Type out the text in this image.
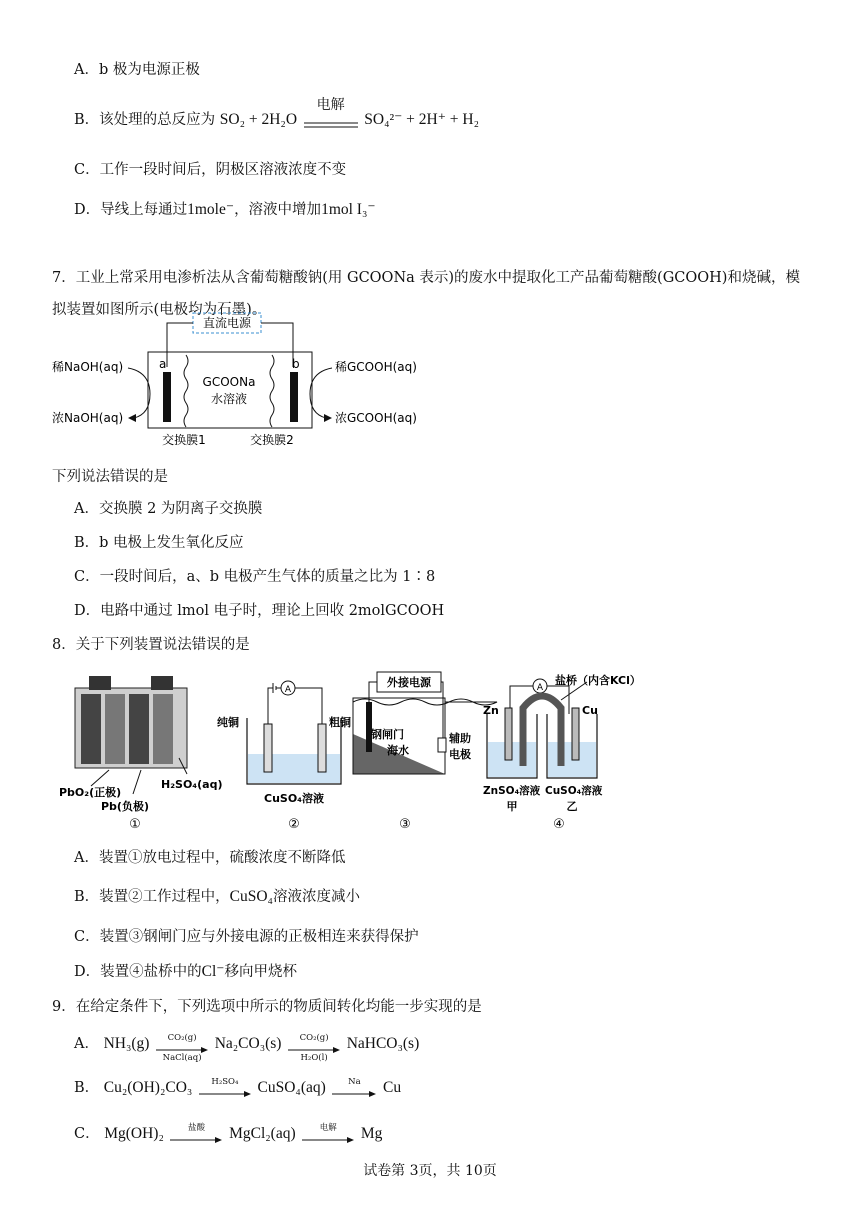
A．b 极为电源正极
B．该处理的总反应为 SO₂ + 2H₂O
电解
SO₄²⁻ + 2H⁺ + H₂
C．工作一段时间后，阴极区溶液浓度不变
D．导线上每通过1mole⁻，溶液中增加1mol I₃⁻
7．工业上常采用电渗析法从含葡萄糖酸钠(用 GCOONa 表示)的废水中提取化工产品葡萄糖酸(GCOOH)和烧碱，模
拟装置如图所示(电极均为石墨)。
直流电源
a	b
GCOONa
水溶液
稀NaOH(aq)
浓NaOH(aq)
稀GCOOH(aq)
浓GCOOH(aq)
交换膜1	交换膜2
下列说法错误的是
A．交换膜 2 为阴离子交换膜
B．b 电极上发生氧化反应
C．一段时间后，a、b 电极产生气体的质量之比为 1∶8
D．电路中通过 lmol 电子时，理论上回收 2molGCOOH
8．关于下列装置说法错误的是
PbO₂(正极)
Pb(负极)
H₂SO₄(aq)
①
A
纯铜	粗铜
CuSO₄溶液
②
外接电源
钢闸门
海水
辅助
电极
③
盐桥（内含KCl）
A
Zn	Cu
ZnSO₄溶液 CuSO₄溶液
甲	乙
④
A．装置①放电过程中，硫酸浓度不断降低
B．装置②工作过程中，CuSO₄溶液浓度减小
C．装置③钢闸门应与外接电源的正极相连来获得保护
D．装置④盐桥中的Cl⁻移向甲烧杯
9．在给定条件下，下列选项中所示的物质间转化均能一步实现的是
A． NH₃(g)	CO₂(g)
NaCl(aq)
Na₂CO₃(s)	CO₂(g)
H₂O(l)
NaHCO₃(s)
B． Cu₂(OH)₂CO₃	H₂SO₄	CuSO₄(aq)	Na	Cu
C． Mg(OH)₂	盐酸	MgCl₂(aq)	电解	Mg
试卷第 3页，共 10页
